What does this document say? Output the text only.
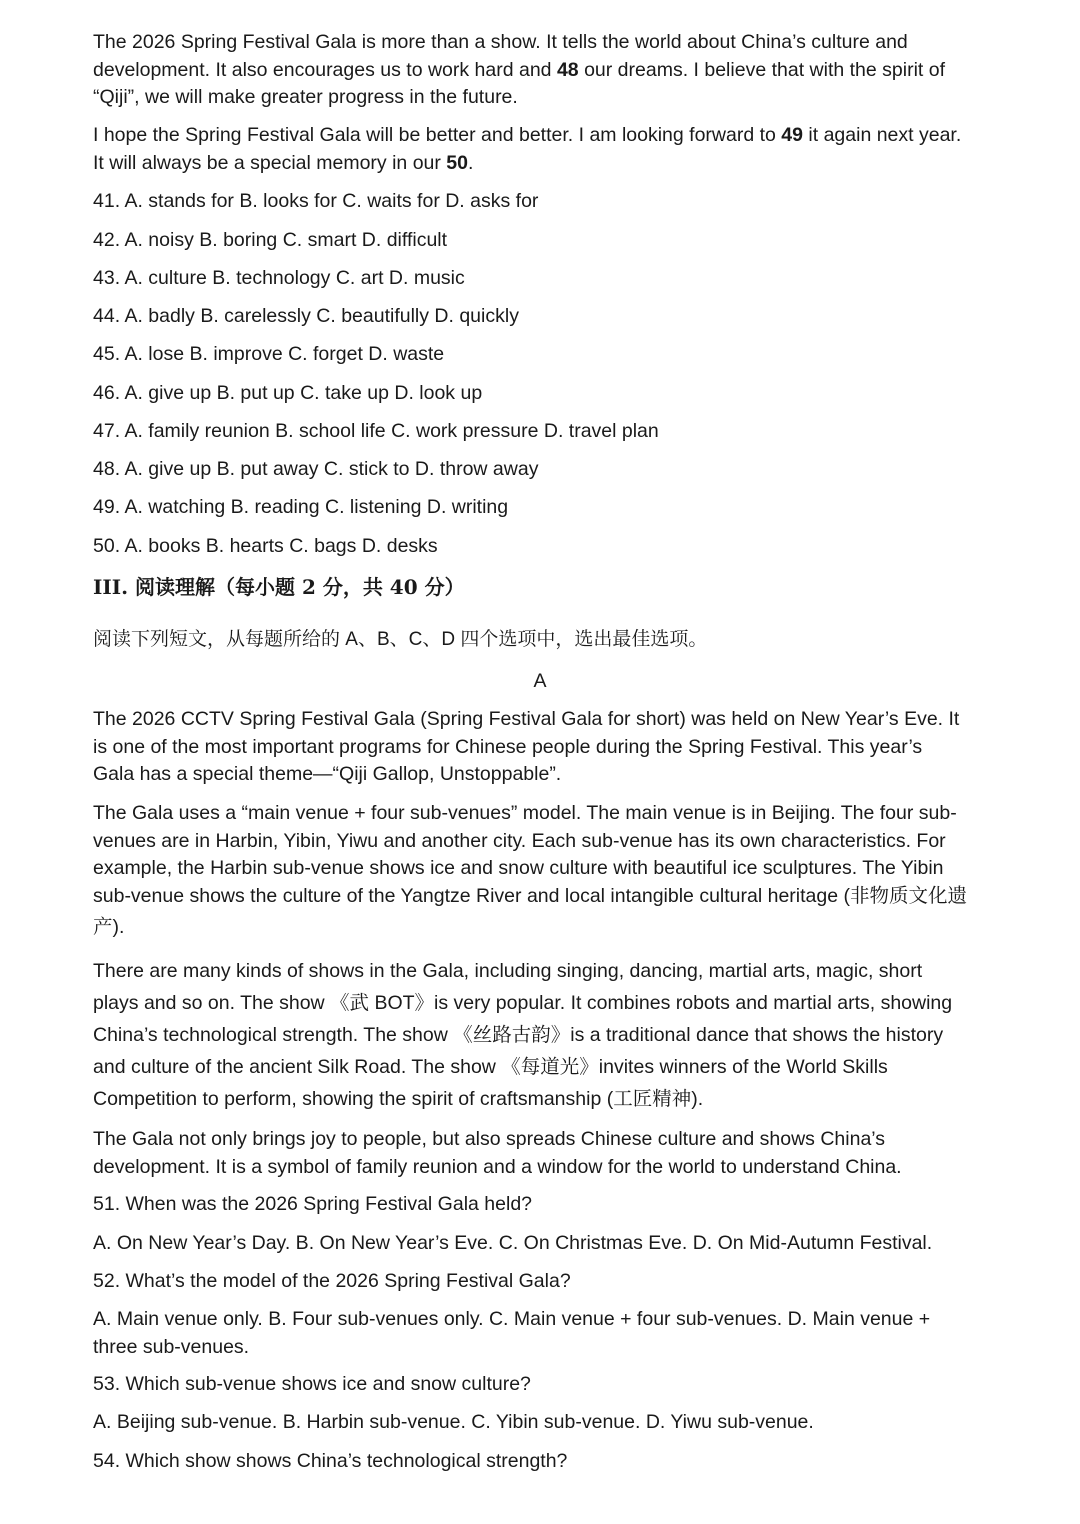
The 2026 Spring Festival Gala is more than a show. It tells the world about China’s culture and
development. It also encourages us to work hard and 48 our dreams. I believe that with the spirit of
“Qiji”, we will make greater progress in the future.

I hope the Spring Festival Gala will be better and better. I am looking forward to 49 it again next year.
It will always be a special memory in our 50.

41. A. stands for B. looks for C. waits for D. asks for

42. A. noisy B. boring C. smart D. difficult

43. A. culture B. technology C. art D. music

44. A. badly B. carelessly C. beautifully D. quickly

45. A. lose B. improve C. forget D. waste

46. A. give up B. put up C. take up D. look up

47. A. family reunion B. school life C. work pressure D. travel plan

48. A. give up B. put away C. stick to D. throw away

49. A. watching B. reading C. listening D. writing

50. A. books B. hearts C. bags D. desks

III. 阅读理解（每小题 2 分，共 40 分）

阅读下列短文，从每题所给的 A、B、C、D 四个选项中，选出最佳选项。

A

The 2026 CCTV Spring Festival Gala (Spring Festival Gala for short) was held on New Year’s Eve. It
is one of the most important programs for Chinese people during the Spring Festival. This year’s
Gala has a special theme—“Qiji Gallop, Unstoppable”.

The Gala uses a “main venue + four sub-venues” model. The main venue is in Beijing. The four sub-
venues are in Harbin, Yibin, Yiwu and another city. Each sub-venue has its own characteristics. For
example, the Harbin sub-venue shows ice and snow culture with beautiful ice sculptures. The Yibin
sub-venue shows the culture of the Yangtze River and local intangible cultural heritage (非物质文化遗
产).

There are many kinds of shows in the Gala, including singing, dancing, martial arts, magic, short
plays and so on. The show 《武 BOT》is very popular. It combines robots and martial arts, showing
China’s technological strength. The show 《丝路古韵》is a traditional dance that shows the history
and culture of the ancient Silk Road. The show 《每道光》invites winners of the World Skills
Competition to perform, showing the spirit of craftsmanship (工匠精神).

The Gala not only brings joy to people, but also spreads Chinese culture and shows China’s
development. It is a symbol of family reunion and a window for the world to understand China.

51. When was the 2026 Spring Festival Gala held?

A. On New Year’s Day. B. On New Year’s Eve. C. On Christmas Eve. D. On Mid-Autumn Festival.

52. What’s the model of the 2026 Spring Festival Gala?

A. Main venue only. B. Four sub-venues only. C. Main venue + four sub-venues. D. Main venue +
three sub-venues.

53. Which sub-venue shows ice and snow culture?

A. Beijing sub-venue. B. Harbin sub-venue. C. Yibin sub-venue. D. Yiwu sub-venue.

54. Which show shows China’s technological strength?
